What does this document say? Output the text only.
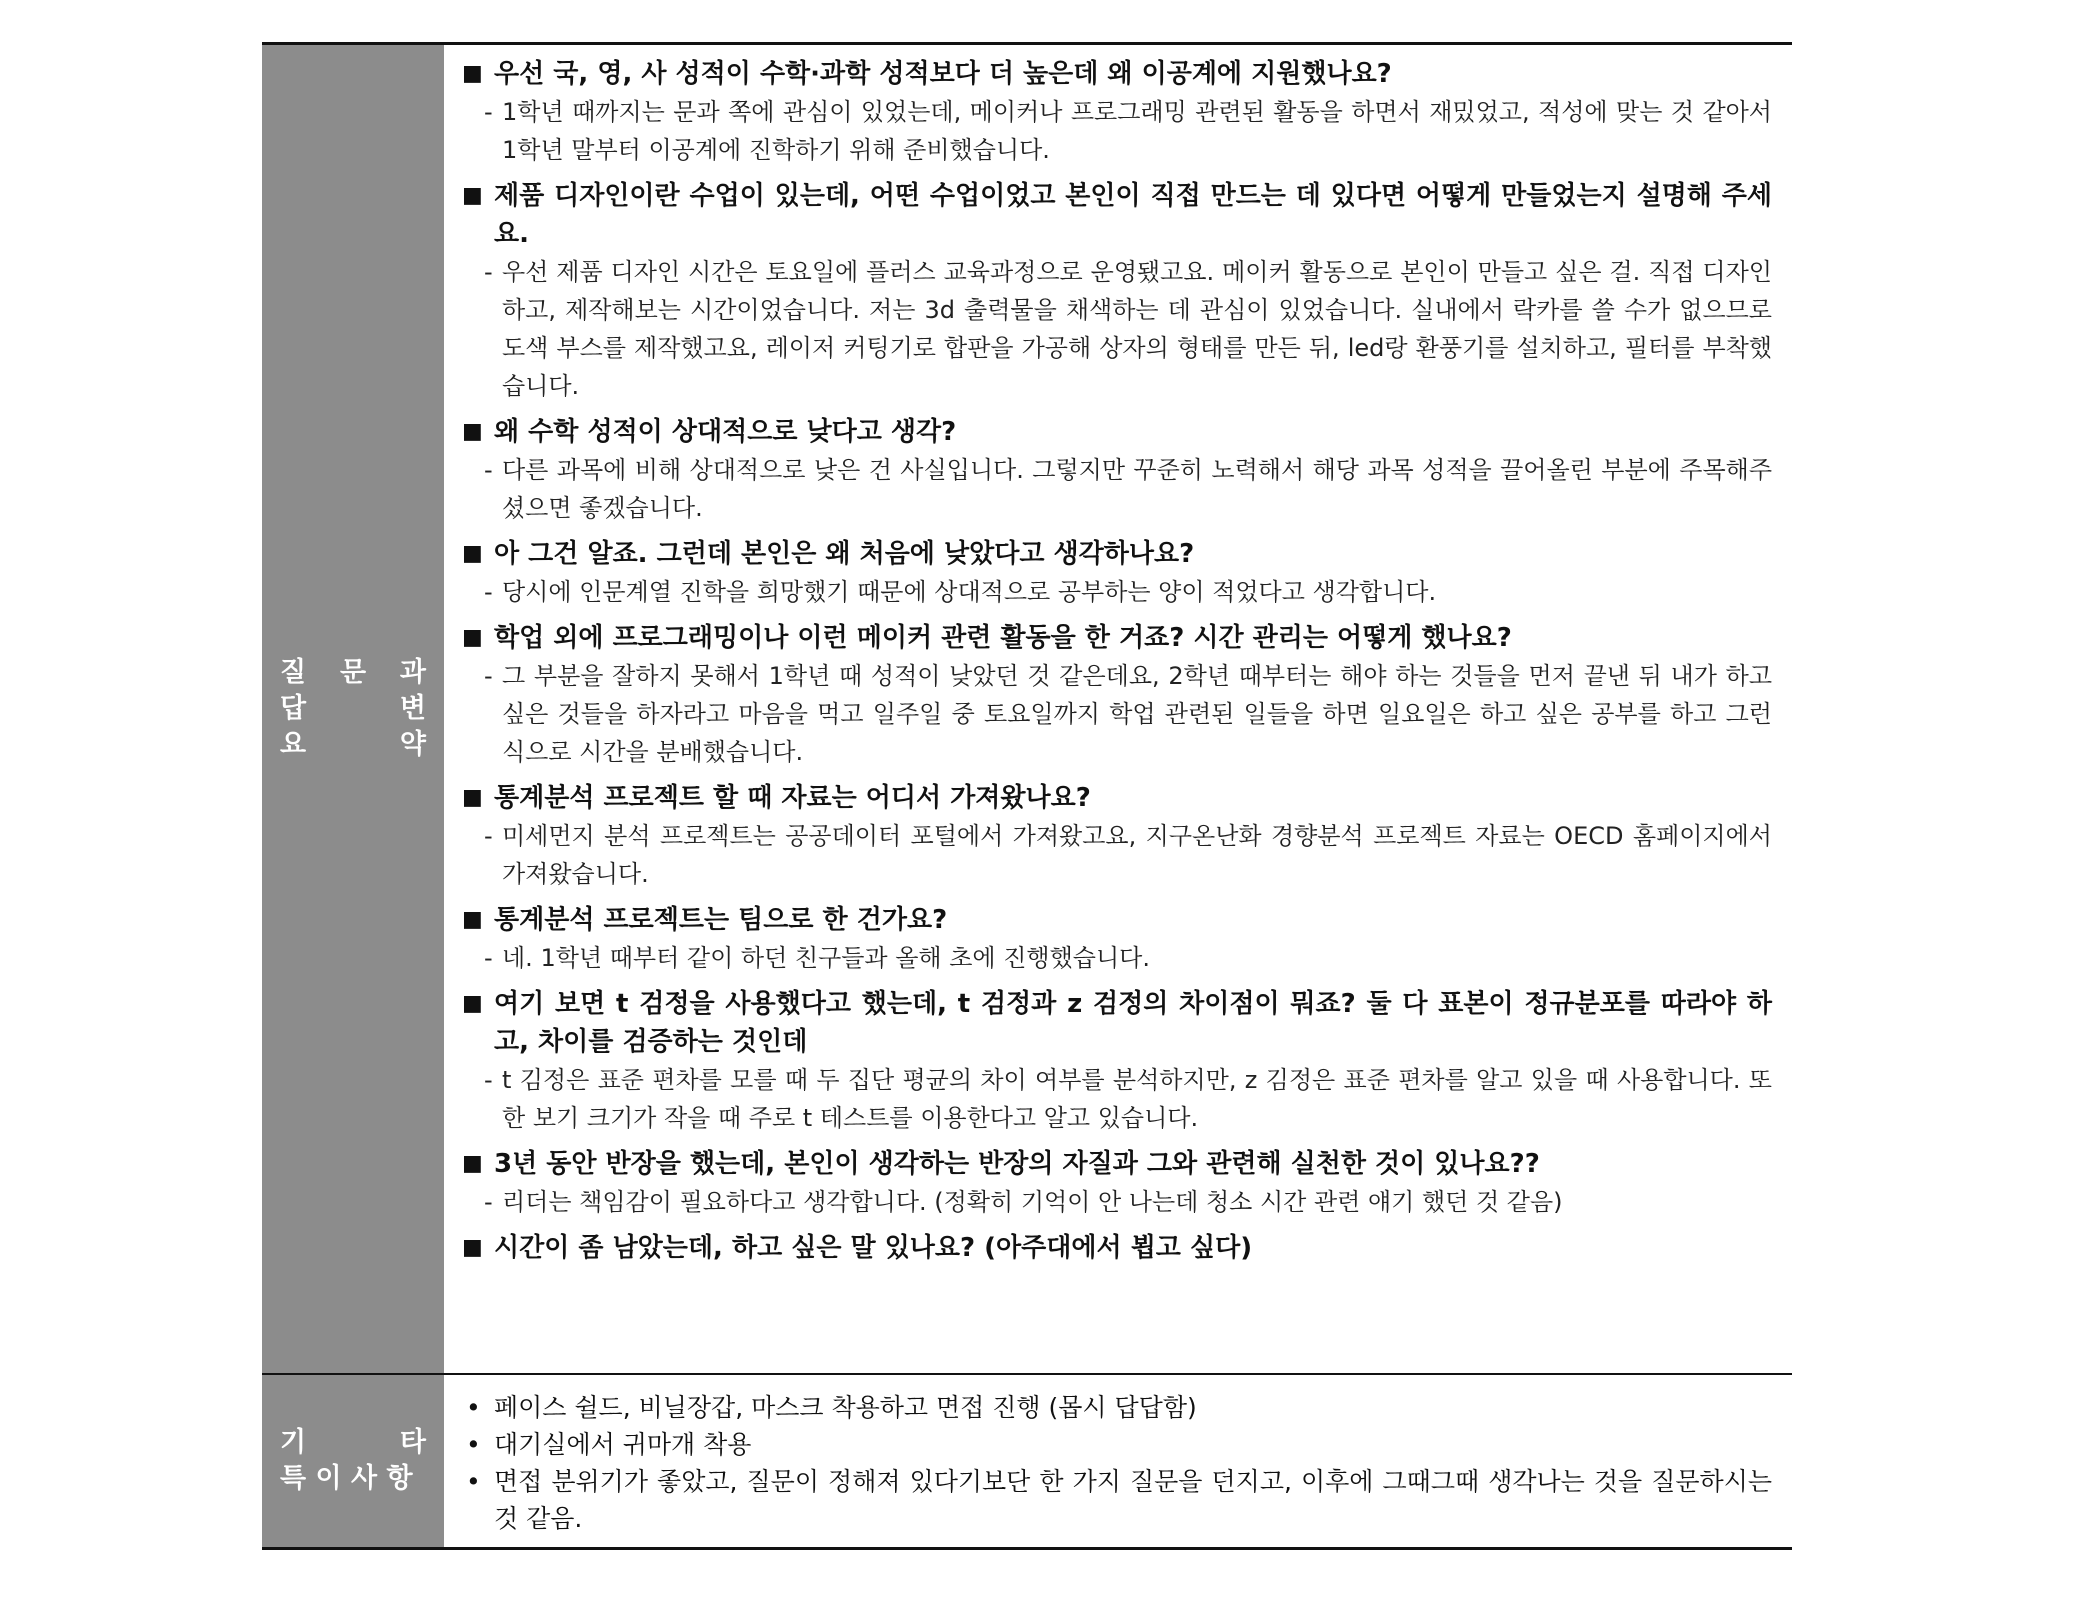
질 문 과
답	변
요	약
■ 우선 국, 영, 사 성적이 수학·과학 성적보다 더 높은데 왜 이공계에 지원했나요?
- 1학년 때까지는 문과 쪽에 관심이 있었는데, 메이커나 프로그래밍 관련된 활동을 하면서 재밌었고, 적성에 맞는 것 같아서 1학년 말부터 이공계에 진학하기 위해 준비했습니다.
■ 제품 디자인이란 수업이 있는데, 어떤 수업이었고 본인이 직접 만드는 데 있다면 어떻게 만들었는지 설명해 주세요.
- 우선 제품 디자인 시간은 토요일에 플러스 교육과정으로 운영됐고요. 메이커 활동으로 본인이 만들고 싶은 걸. 직접 디자인하고, 제작해보는 시간이었습니다. 저는 3d 출력물을 채색하는 데 관심이 있었습니다. 실내에서 락카를 쓸 수가 없으므로 도색 부스를 제작했고요, 레이저 커팅기로 합판을 가공해 상자의 형태를 만든 뒤, led랑 환풍기를 설치하고, 필터를 부착했습니다.
■ 왜 수학 성적이 상대적으로 낮다고 생각?
- 다른 과목에 비해 상대적으로 낮은 건 사실입니다. 그렇지만 꾸준히 노력해서 해당 과목 성적을 끌어올린 부분에 주목해주셨으면 좋겠습니다.
■ 아 그건 알죠. 그런데 본인은 왜 처음에 낮았다고 생각하나요?
- 당시에 인문계열 진학을 희망했기 때문에 상대적으로 공부하는 양이 적었다고 생각합니다.
■ 학업 외에 프로그래밍이나 이런 메이커 관련 활동을 한 거죠? 시간 관리는 어떻게 했나요?
- 그 부분을 잘하지 못해서 1학년 때 성적이 낮았던 것 같은데요, 2학년 때부터는 해야 하는 것들을 먼저 끝낸 뒤 내가 하고 싶은 것들을 하자라고 마음을 먹고 일주일 중 토요일까지 학업 관련된 일들을 하면 일요일은 하고 싶은 공부를 하고 그런 식으로 시간을 분배했습니다.
■ 통계분석 프로젝트 할 때 자료는 어디서 가져왔나요?
- 미세먼지 분석 프로젝트는 공공데이터 포털에서 가져왔고요, 지구온난화 경향분석 프로젝트 자료는 OECD 홈페이지에서 가져왔습니다.
■ 통계분석 프로젝트는 팀으로 한 건가요?
- 네. 1학년 때부터 같이 하던 친구들과 올해 초에 진행했습니다.
■ 여기 보면 t 검정을 사용했다고 했는데, t 검정과 z 검정의 차이점이 뭐죠? 둘 다 표본이 정규분포를 따라야 하고, 차이를 검증하는 것인데
- t 김정은 표준 편차를 모를 때 두 집단 평균의 차이 여부를 분석하지만, z 김정은 표준 편차를 알고 있을 때 사용합니다. 또한 보기 크기가 작을 때 주로 t 테스트를 이용한다고 알고 있습니다.
■ 3년 동안 반장을 했는데, 본인이 생각하는 반장의 자질과 그와 관련해 실천한 것이 있나요??
- 리더는 책임감이 필요하다고 생각합니다. (정확히 기억이 안 나는데 청소 시간 관련 얘기 했던 것 같음)
■ 시간이 좀 남았는데, 하고 싶은 말 있나요? (아주대에서 뵙고 싶다)
기	타
특 이 사 항
• 페이스 쉴드, 비닐장갑, 마스크 착용하고 면접 진행 (몹시 답답함)
• 대기실에서 귀마개 착용
• 면접 분위기가 좋았고, 질문이 정해져 있다기보단 한 가지 질문을 던지고, 이후에 그때그때 생각나는 것을 질문하시는 것 같음.
